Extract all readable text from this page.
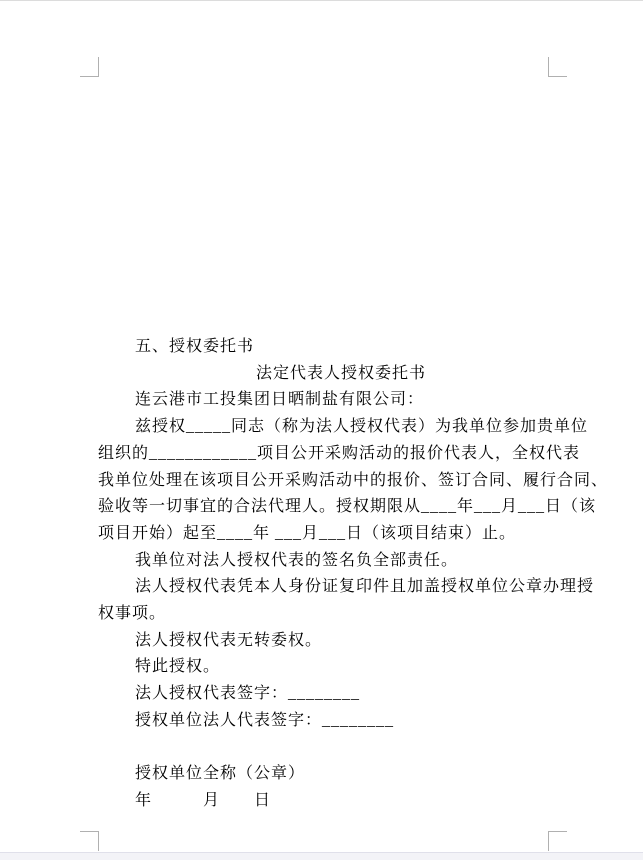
五、授权委托书
法定代表人授权委托书
连云港市工投集团日晒制盐有限公司：
兹授权_____同志（称为法人授权代表）为我单位参加贵单位
组织的____________项目公开采购活动的报价代表人，全权代表
我单位处理在该项目公开采购活动中的报价、签订合同、履行合同、
验收等一切事宜的合法代理人。授权期限从____年___月___日（该
项目开始）起至____年 ___月___日（该项目结束）止。
我单位对法人授权代表的签名负全部责任。
法人授权代表凭本人身份证复印件且加盖授权单位公章办理授
权事项。
法人授权代表无转委权。
特此授权。
法人授权代表签字：________
授权单位法人代表签字：________
授权单位全称（公章）
年　　　月　　日
